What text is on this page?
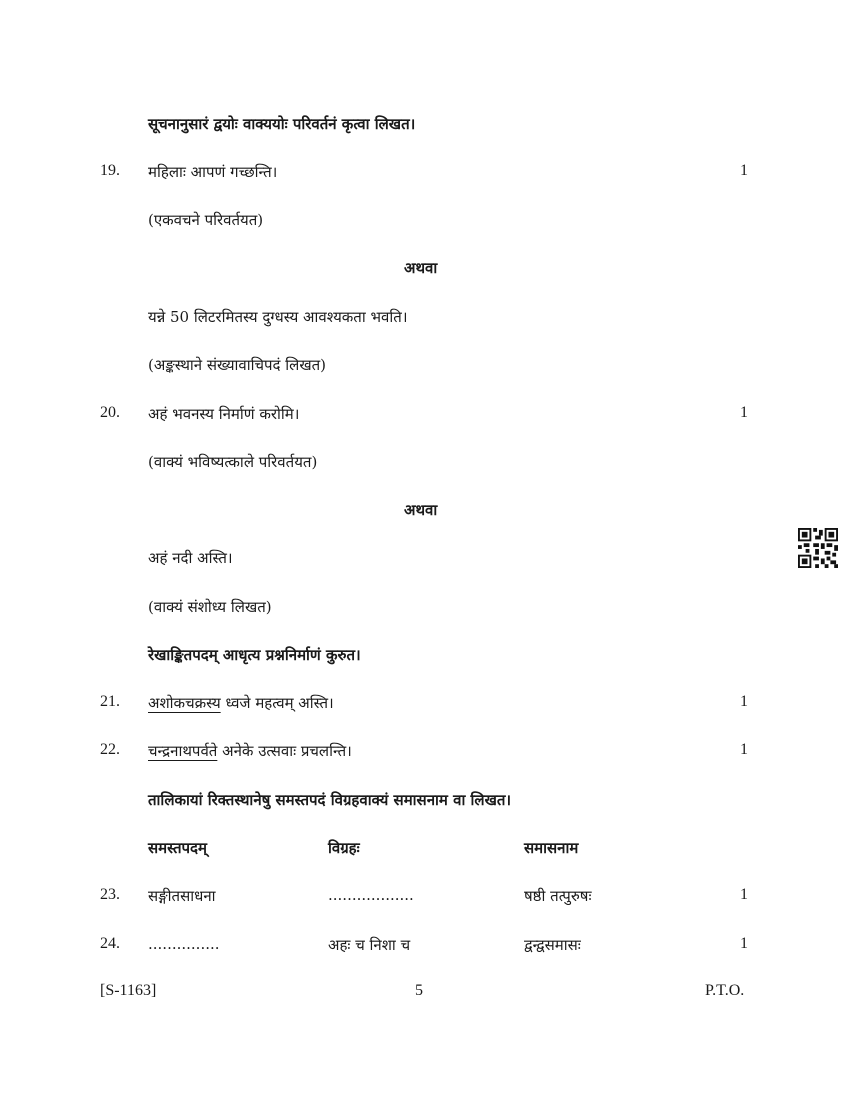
सूचनानुसारं द्वयोः वाक्ययोः परिवर्तनं कृत्वा लिखत।
19. महिलाः आपणं गच्छन्ति।	1
(एकवचने परिवर्तयत)
अथवा
यन्ने 50 लिटरमितस्य दुग्धस्य आवश्यकता भवति।
(अङ्कस्थाने संख्यावाचिपदं लिखत)
20. अहं भवनस्य निर्माणं करोमि।	1
(वाक्यं भविष्यत्काले परिवर्तयत)
अथवा
अहं नदी अस्ति।
(वाक्यं संशोध्य लिखत)
रेखाङ्कितपदम् आधृत्य प्रश्ननिर्माणं कुरुत।
21. अशोकचक्रस्य ध्वजे महत्वम् अस्ति।	1
22. चन्द्रनाथपर्वते अनेके उत्सवाः प्रचलन्ति।	1
तालिकायां रिक्तस्थानेषु समस्तपदं विग्रहवाक्यं समासनाम वा लिखत।
समस्तपदम्	विग्रहः	समासनाम
23. सङ्गीतसाधना	..................	षष्ठी तत्पुरुषः	1
24. ...............	अहः च निशा च	द्वन्द्वसमासः	1
[S-1163]	5	P.T.O.
